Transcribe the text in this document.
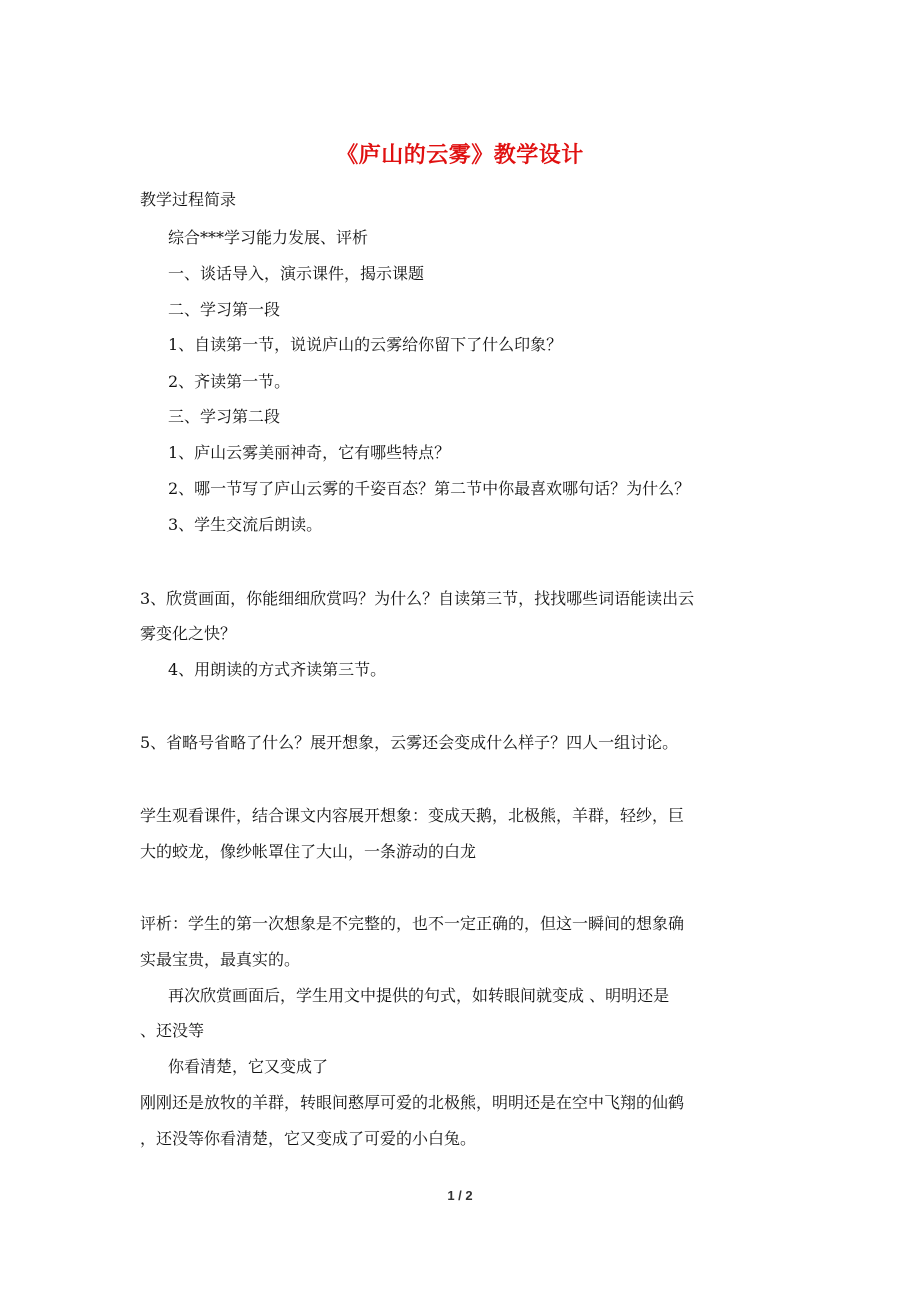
《庐山的云雾》教学设计
教学过程简录
综合***学习能力发展、评析
一、谈话导入，演示课件，揭示课题
二、学习第一段
1、自读第一节，说说庐山的云雾给你留下了什么印象？
2、齐读第一节。
三、学习第二段
1、庐山云雾美丽神奇，它有哪些特点？
2、哪一节写了庐山云雾的千姿百态？第二节中你最喜欢哪句话？为什么？
3、学生交流后朗读。
3、欣赏画面，你能细细欣赏吗？为什么？自读第三节，找找哪些词语能读出云
雾变化之快？
4、用朗读的方式齐读第三节。
5、省略号省略了什么？展开想象，云雾还会变成什么样子？四人一组讨论。
学生观看课件，结合课文内容展开想象：变成天鹅，北极熊，羊群，轻纱，巨
大的蛟龙，像纱帐罩住了大山，一条游动的白龙
评析：学生的第一次想象是不完整的，也不一定正确的，但这一瞬间的想象确
实最宝贵，最真实的。
再次欣赏画面后，学生用文中提供的句式，如转眼间就变成 、明明还是
、还没等
你看清楚，它又变成了
刚刚还是放牧的羊群，转眼间憨厚可爱的北极熊，明明还是在空中飞翔的仙鹤
，还没等你看清楚，它又变成了可爱的小白兔。
1 / 2
